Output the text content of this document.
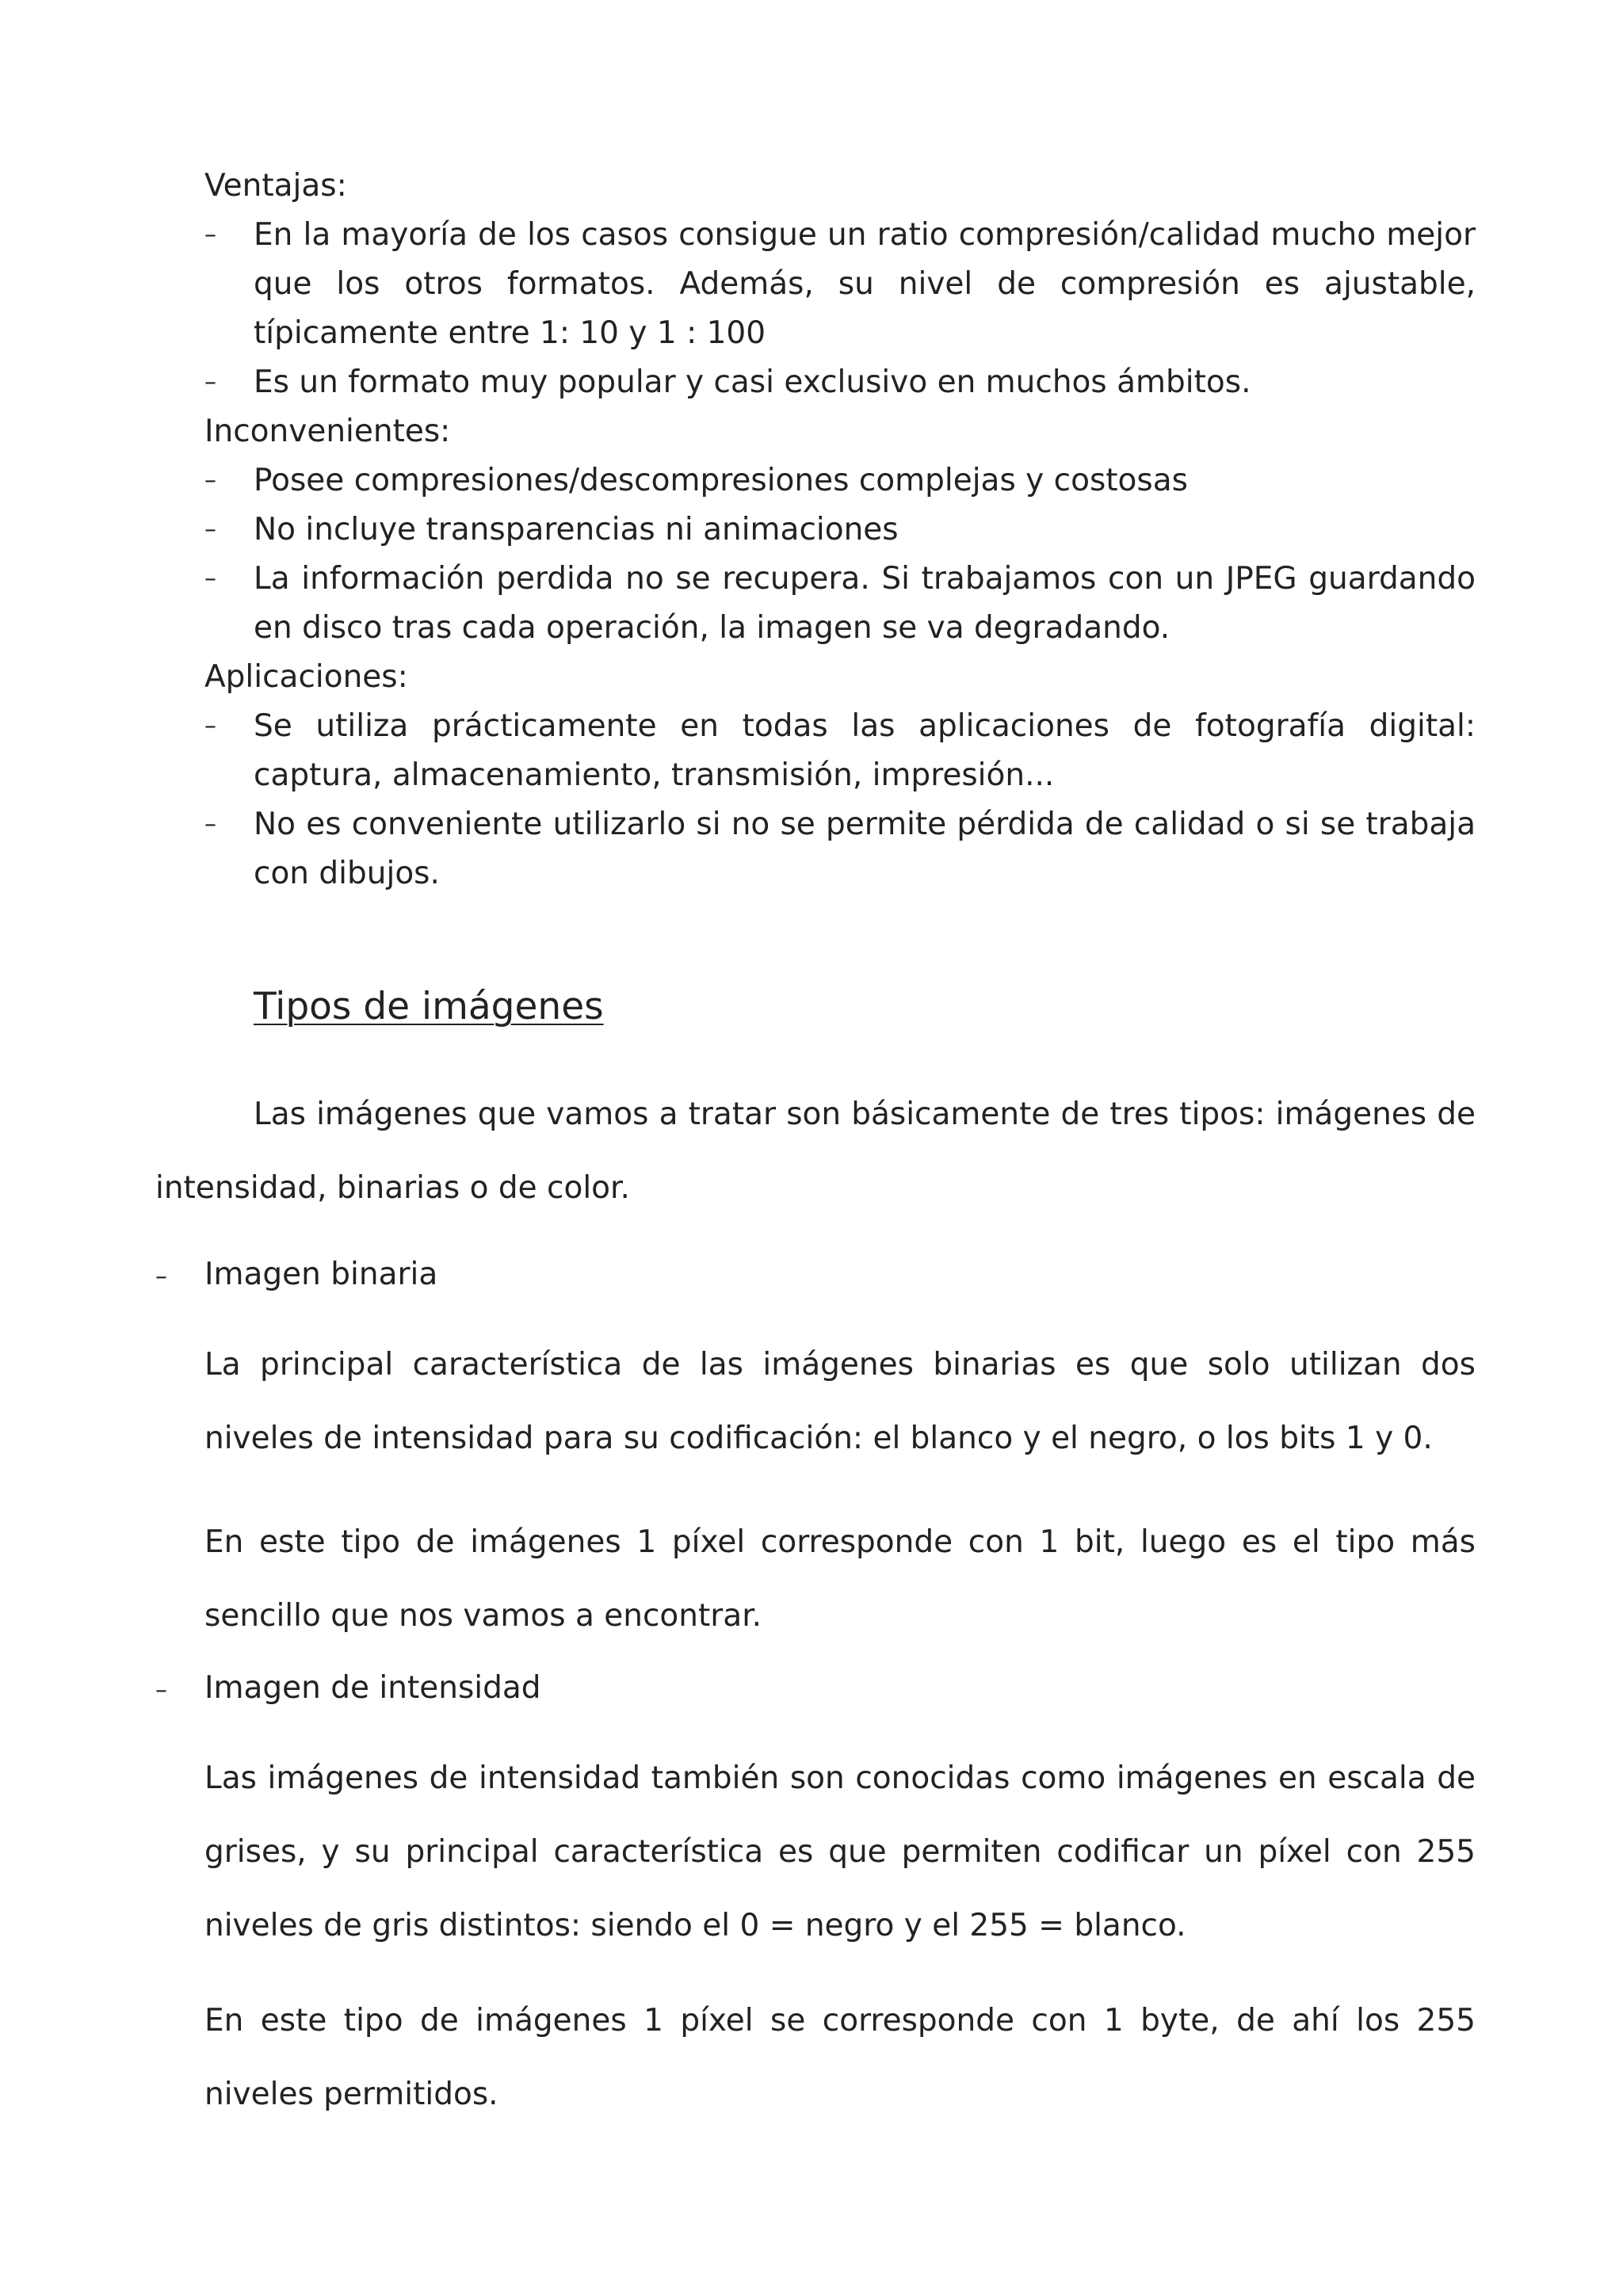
Ventajas:
– En la mayoría de los casos consigue un ratio compresión/calidad mucho mejor que los otros formatos. Además, su nivel de compresión es ajustable, típicamente entre 1: 10 y 1 : 100
– Es un formato muy popular y casi exclusivo en muchos ámbitos.
Inconvenientes:
– Posee compresiones/descompresiones complejas y costosas
– No incluye transparencias ni animaciones
– La información perdida no se recupera. Si trabajamos con un JPEG guardando en disco tras cada operación, la imagen se va degradando.
Aplicaciones:
– Se utiliza prácticamente en todas las aplicaciones de fotografía digital: captura, almacenamiento, transmisión, impresión...
– No es conveniente utilizarlo si no se permite pérdida de calidad o si se trabaja con dibujos.
Tipos de imágenes
Las imágenes que vamos a tratar son básicamente de tres tipos: imágenes de intensidad, binarias o de color.
– Imagen binaria
La principal característica de las imágenes binarias es que solo utilizan dos niveles de intensidad para su codificación: el blanco y el negro, o los bits 1 y 0.
En este tipo de imágenes 1 píxel corresponde con 1 bit, luego es el tipo más sencillo que nos vamos a encontrar.
– Imagen de intensidad
Las imágenes de intensidad también son conocidas como imágenes en escala de grises, y su principal característica es que permiten codificar un píxel con 255 niveles de gris distintos: siendo el 0 = negro y el 255 = blanco.
En este tipo de imágenes 1 píxel se corresponde con 1 byte, de ahí los 255 niveles permitidos.
